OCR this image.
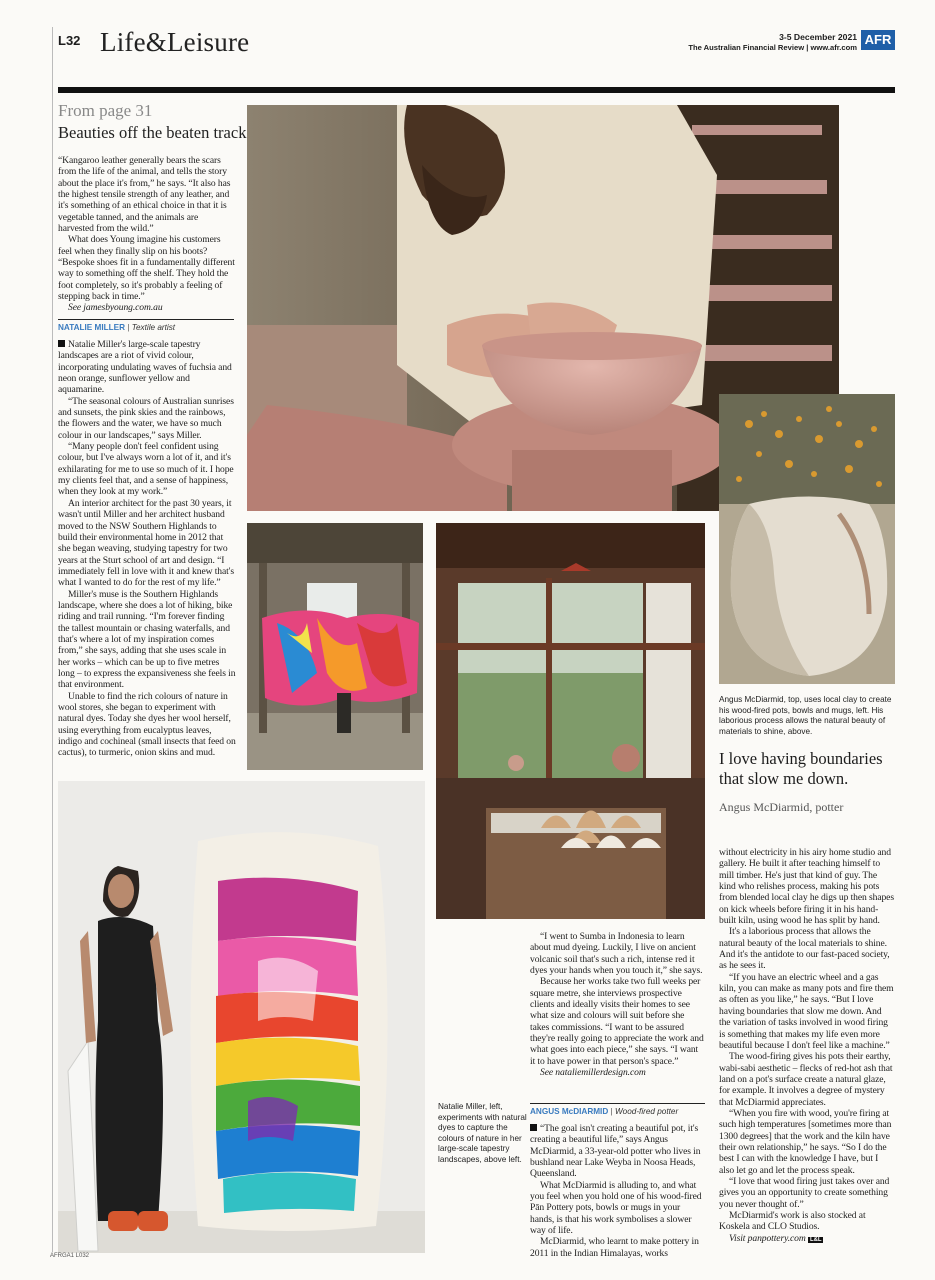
L32 Life&Leisure	3-5 December 2021
The Australian Financial Review | www.afr.com
AFR
From page 31
Beauties off the beaten track

“Kangaroo leather generally bears the scars from the life of the animal, and tells the story about the place it's from,” he says. “It also has the highest tensile strength of any leather, and it's something of an ethical choice in that it is vegetable tanned, and the animals are harvested from the wild.”

What does Young imagine his customers feel when they finally slip on his boots? “Bespoke shoes fit in a fundamentally different way to something off the shelf. They hold the foot completely, so it's probably a feeling of stepping back in time.”

See jamesbyoung.com.au

NATALIE MILLER | Textile artist

Natalie Miller's large-scale tapestry landscapes are a riot of vivid colour, incorporating undulating waves of fuchsia and neon orange, sunflower yellow and aquamarine.

“The seasonal colours of Australian sunrises and sunsets, the pink skies and the rainbows, the flowers and the water, we have so much colour in our landscapes,” says Miller.

“Many people don't feel confident using colour, but I've always worn a lot of it, and it's exhilarating for me to use so much of it. I hope my clients feel that, and a sense of happiness, when they look at my work.”

An interior architect for the past 30 years, it wasn't until Miller and her architect husband moved to the NSW Southern Highlands to build their environmental home in 2012 that she began weaving, studying tapestry for two years at the Sturt school of art and design. “I immediately fell in love with it and knew that's what I wanted to do for the rest of my life.”

Miller's muse is the Southern Highlands landscape, where she does a lot of hiking, bike riding and trail running. “I'm forever finding the tallest mountain or chasing waterfalls, and that's where a lot of my inspiration comes from,” she says, adding that she uses scale in her works – which can be up to five metres long – to express the expansiveness she feels in that environment.

Unable to find the rich colours of nature in wool stores, she began to experiment with natural dyes. Today she dyes her wool herself, using everything from eucalyptus leaves, indigo and cochineal (small insects that feed on cactus), to turmeric, onion skins and mud.	I love having boundaries that slow me down.
Angus McDiarmid, potter
Angus McDiarmid, top, uses local clay to create his wood-fired pots, bowls and mugs, left. His laborious process allows the natural beauty of materials to shine, above.
Natalie Miller, left, experiments with natural dyes to capture the colours of nature in her large-scale tapestry landscapes, above left.

“I went to Sumba in Indonesia to learn about mud dyeing. Luckily, I live on ancient volcanic soil that's such a rich, intense red it dyes your hands when you touch it,” she says.

Because her works take two full weeks per square metre, she interviews prospective clients and ideally visits their homes to see what size and colours will suit before she takes commissions. “I want to be assured they're really going to appreciate the work and what goes into each piece,” she says. “I want it to have power in that person's space.”

See nataliemillerdesign.com

ANGUS McDIARMID | Wood-fired potter

“The goal isn't creating a beautiful pot, it's creating a beautiful life,” says Angus McDiarmid, a 33-year-old potter who lives in bushland near Lake Weyba in Noosa Heads, Queensland.

What McDiarmid is alluding to, and what you feel when you hold one of his wood-fired Pān Pottery pots, bowls or mugs in your hands, is that his work symbolises a slower way of life.

McDiarmid, who learnt to make pottery in 2011 in the Indian Himalayas, works

without electricity in his airy home studio and gallery. He built it after teaching himself to mill timber. He's just that kind of guy. The kind who relishes process, making his pots from blended local clay he digs up then shapes on kick wheels before firing it in his hand-built kiln, using wood he has split by hand.

It's a laborious process that allows the natural beauty of the local materials to shine. And it's the antidote to our fast-paced society, as he sees it.

“If you have an electric wheel and a gas kiln, you can make as many pots and fire them as often as you like,” he says. “But I love having boundaries that slow me down. And the variation of tasks involved in wood firing is something that makes my life even more beautiful because I don't feel like a machine.”

The wood-firing gives his pots their earthy, wabi-sabi aesthetic – flecks of red-hot ash that land on a pot's surface create a natural glaze, for example. It involves a degree of mystery that McDiarmid appreciates.

“When you fire with wood, you're firing at such high temperatures [sometimes more than 1300 degrees] that the work and the kiln have their own relationship,” he says. “So I do the best I can with the knowledge I have, but I also let go and let the process speak.

“I love that wood firing just takes over and gives you an opportunity to create something you never thought of.”

McDiarmid's work is also stocked at Koskela and CLO Studios.

Visit panpottery.com L&L

AFRGA1 L032
